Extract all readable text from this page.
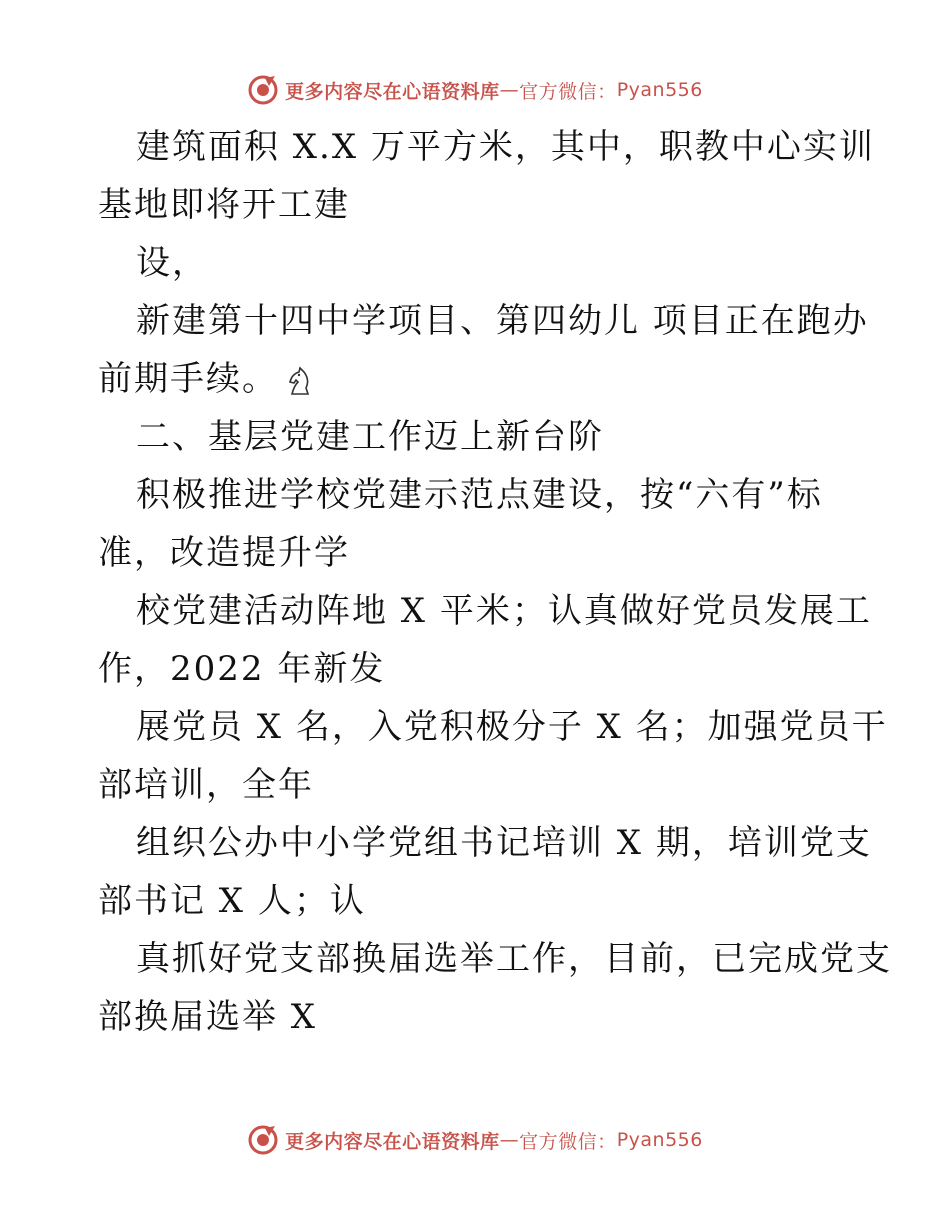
更多内容尽在心语资料库 — 官方微信： Pyan556
建筑面积 X.X 万平方米，其中，职教中心实训
基地即将开工建
设，
新建第十四中学项目、第四幼儿 项目正在跑办
前期手续。
二、基层党建工作迈上新台阶
积极推进学校党建示范点建设，按“六有”标
准，改造提升学
校党建活动阵地 X 平米；认真做好党员发展工
作，2022 年新发
展党员 X 名，入党积极分子 X 名；加强党员干
部培训，全年
组织公办中小学党组书记培训 X 期，培训党支
部书记 X 人；认
真抓好党支部换届选举工作，目前，已完成党支
部换届选举 X
更多内容尽在心语资料库 — 官方微信： Pyan556
